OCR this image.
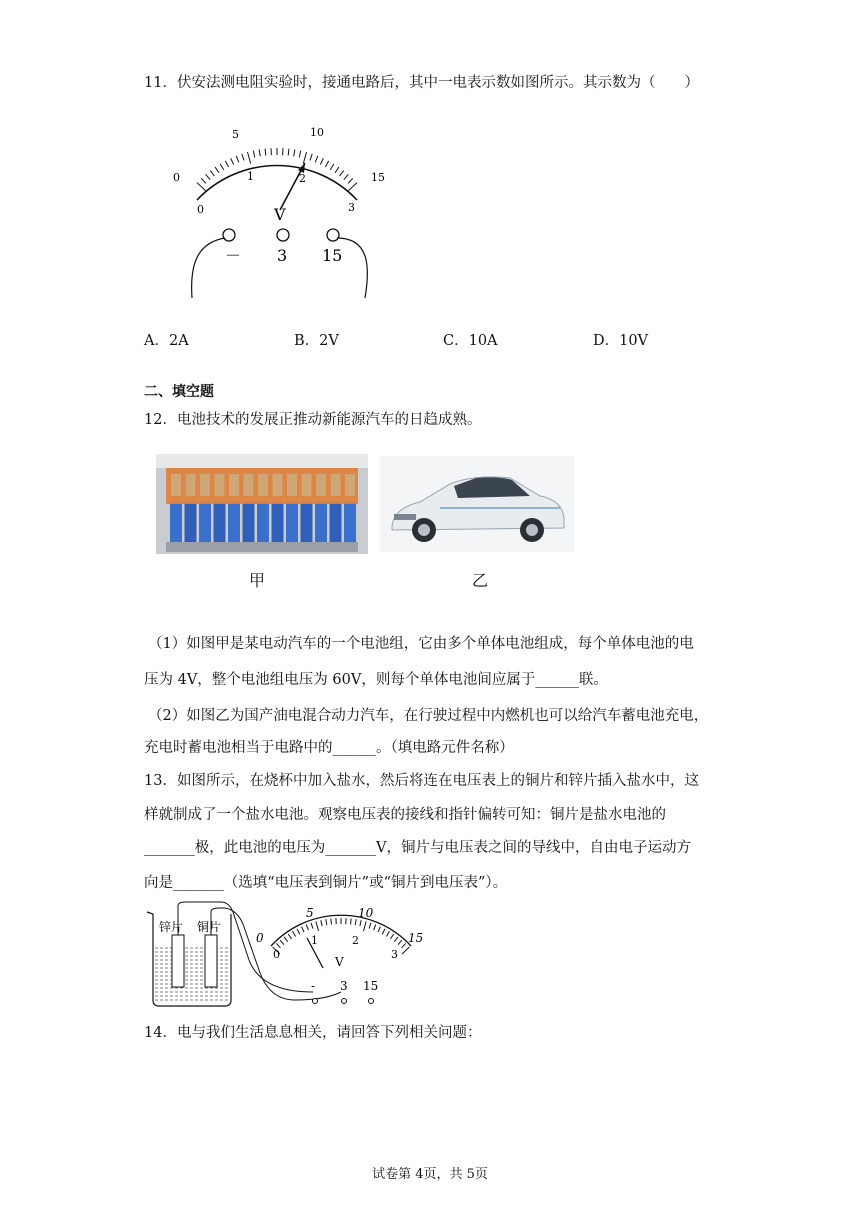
11．伏安法测电阻实验时，接通电路后，其中一电表示数如图所示。其示数为（　　）
0
5	10
15
0
1	2
3
V
－ 3 15
A．2A	B．2V	C．10A	D．10V
二、填空题
12．电池技术的发展正推动新能源汽车的日趋成熟。
甲	乙
（1）如图甲是某电动汽车的一个电池组，它由多个单体电池组成，每个单体电池的电
压为 4V，整个电池组电压为 60V，则每个单体电池间应属于______联。
（2）如图乙为国产油电混合动力汽车，在行驶过程中内燃机也可以给汽车蓄电池充电，
充电时蓄电池相当于电路中的______。（填电路元件名称）
13．如图所示，在烧杯中加入盐水，然后将连在电压表上的铜片和锌片插入盐水中，这
样就制成了一个盐水电池。观察电压表的接线和指针偏转可知：铜片是盐水电池的
_______极，此电池的电压为_______V，铜片与电压表之间的导线中，自由电子运动方
向是_______（选填“电压表到铜片”或“铜片到电压表”）。
锌片 铜片
0
5	10
15
0
1	2
3
V
- 3 15
14．电与我们生活息息相关，请回答下列相关问题：
试卷第 4页，共 5页
